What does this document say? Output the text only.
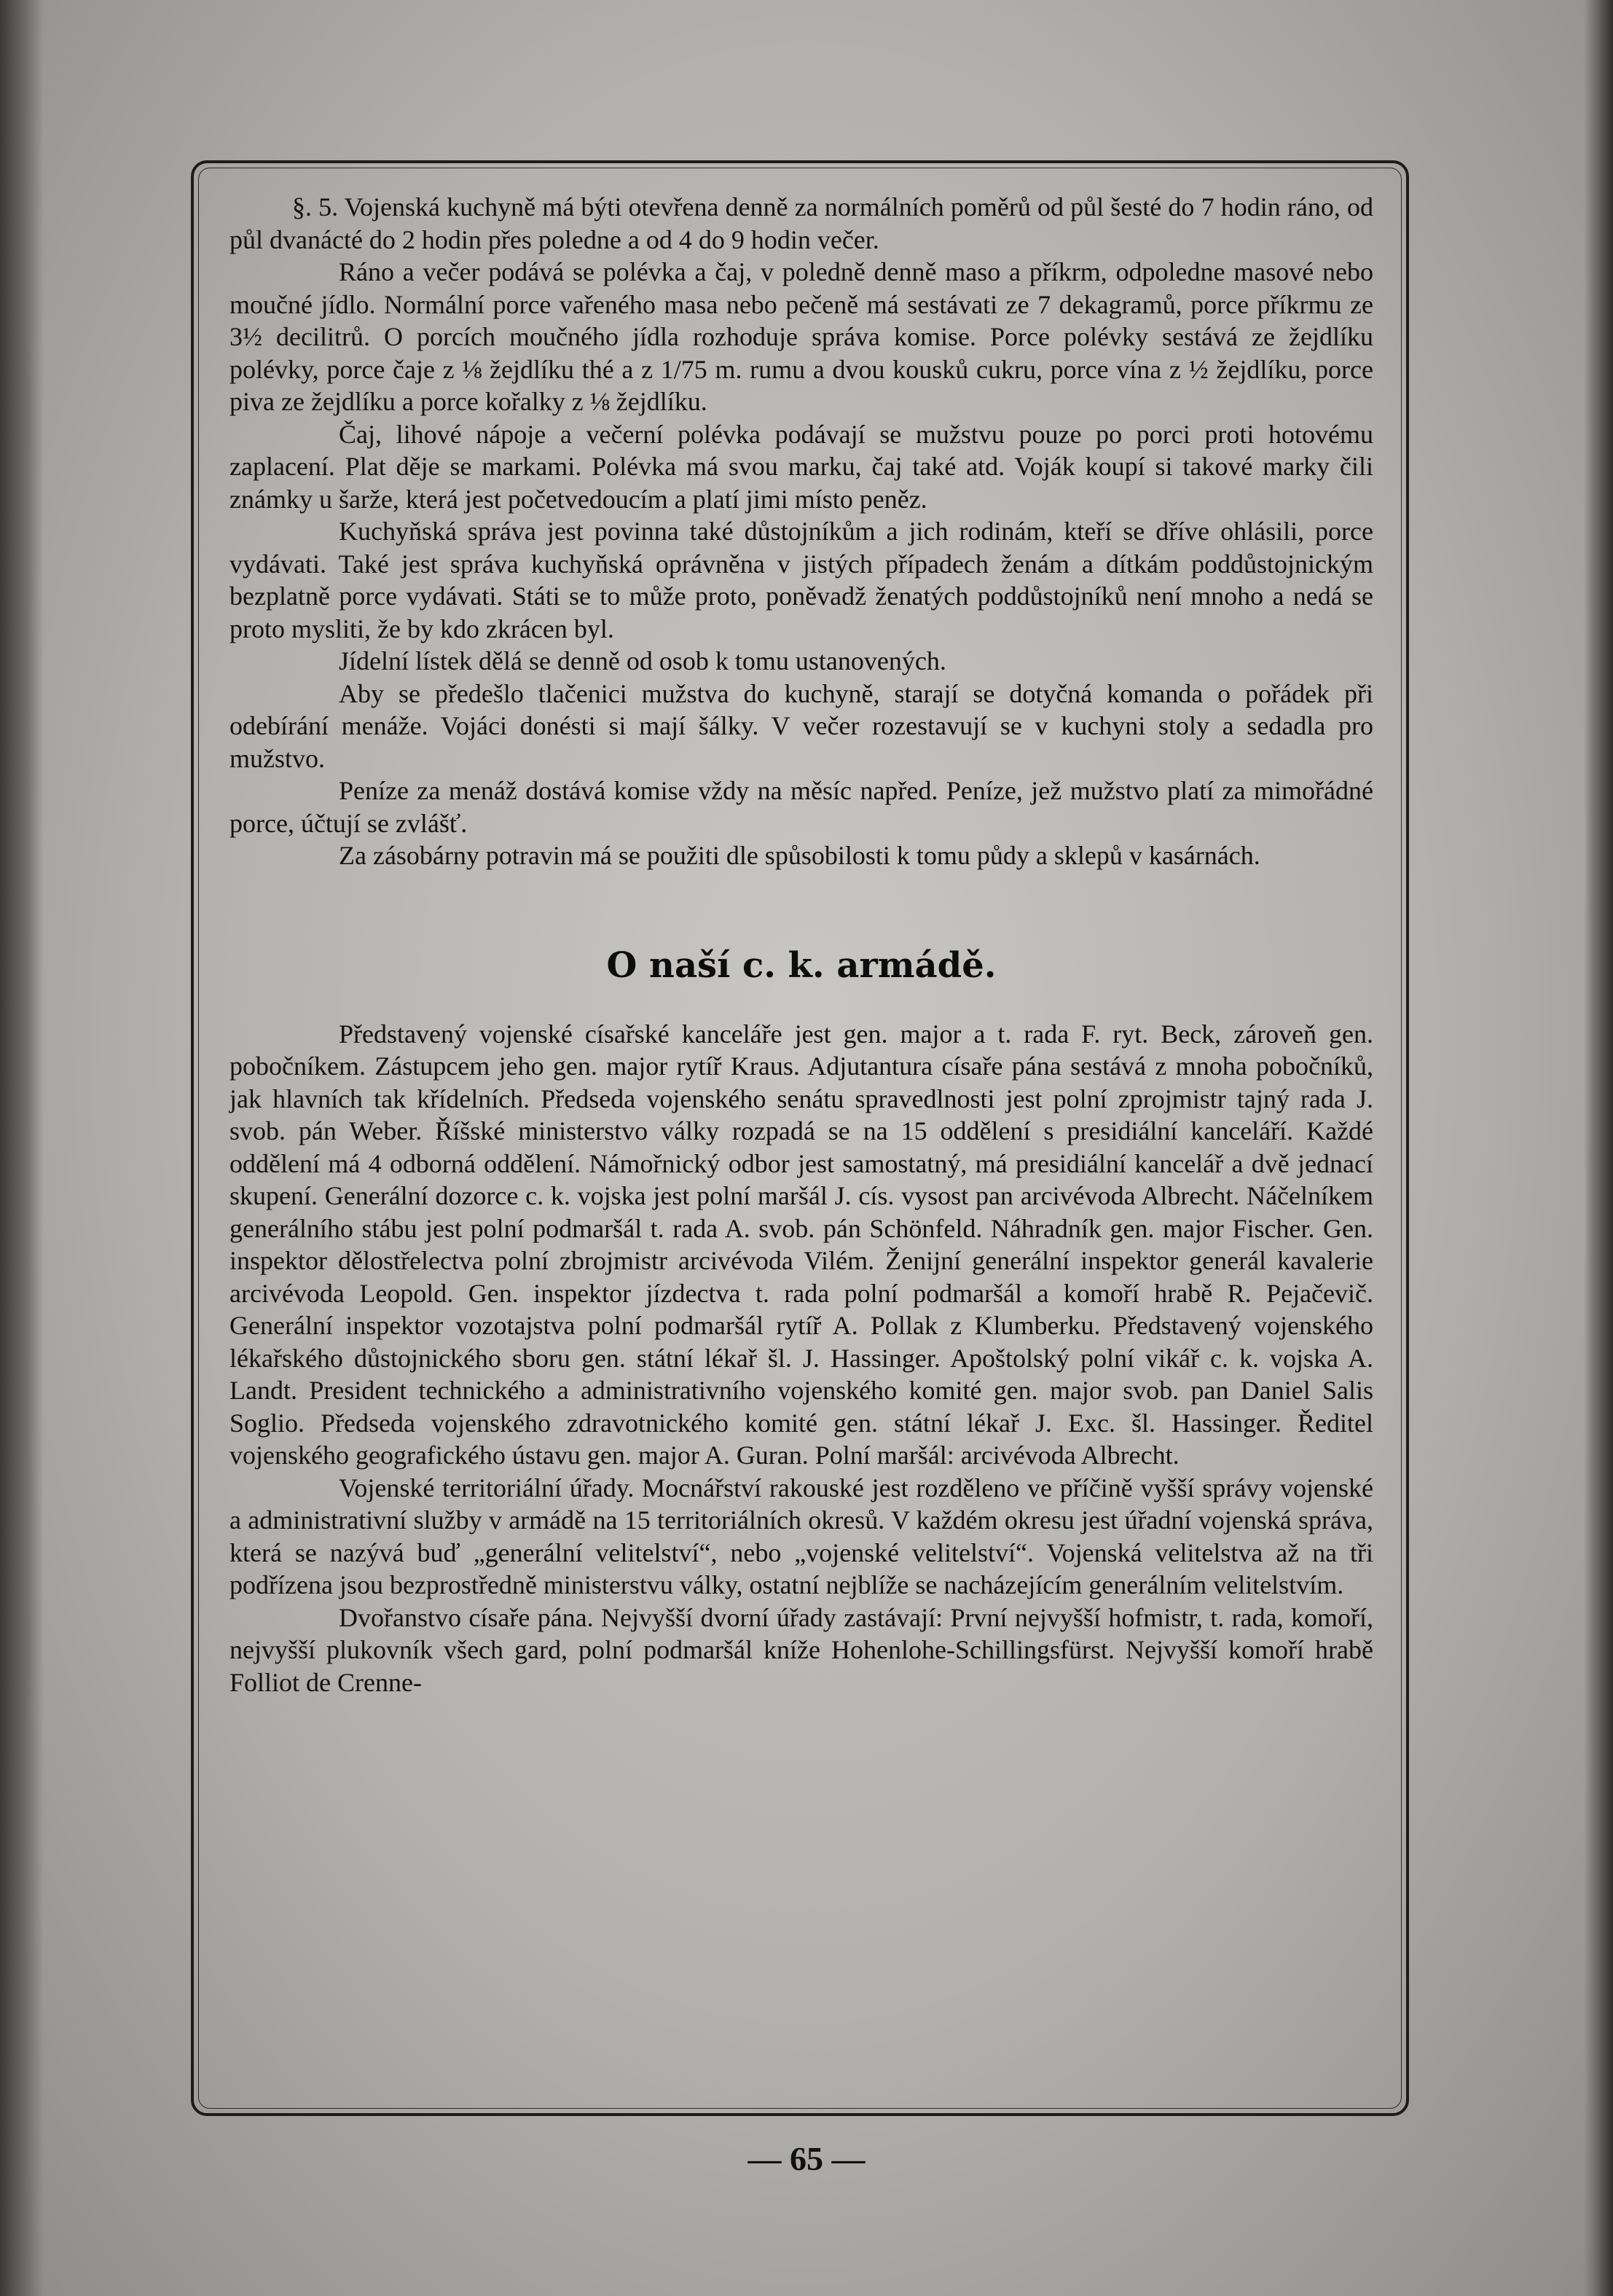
§. 5. Vojenská kuchyně má býti otevřena denně za normálních poměrů od půl šesté do 7 hodin ráno, od půl dvanácté do 2 hodin přes poledne a od 4 do 9 hodin večer.

Ráno a večer podává se polévka a čaj, v poledně denně maso a příkrm, odpoledne masové nebo moučné jídlo. Normální porce vařeného masa nebo pečeně má sestávati ze 7 dekagramů, porce příkrmu ze 3½ decilitrů. O porcích moučného jídla rozhoduje správa komise. Porce polévky sestává ze žejdlíku polévky, porce čaje z ⅛ žejdlíku thé a z 1/75 m. rumu a dvou kousků cukru, porce vína z ½ žejdlíku, porce piva ze žejdlíku a porce kořalky z ⅛ žejdlíku.

Čaj, lihové nápoje a večerní polévka podávají se mužstvu pouze po porci proti hotovému zaplacení. Plat děje se markami. Polévka má svou marku, čaj také atd. Voják koupí si takové marky čili známky u šarže, která jest početvedoucím a platí jimi místo peněz.

Kuchyňská správa jest povinna také důstojníkům a jich rodinám, kteří se dříve ohlásili, porce vydávati. Také jest správa kuchyňská oprávněna v jistých případech ženám a dítkám poddůstojnickým bezplatně porce vydávati. Státi se to může proto, poněvadž ženatých poddůstojníků není mnoho a nedá se proto mysliti, že by kdo zkrácen byl.

Jídelní lístek dělá se denně od osob k tomu ustanovených.

Aby se předešlo tlačenici mužstva do kuchyně, starají se dotyčná komanda o pořádek při odebírání menáže. Vojáci donésti si mají šálky. V večer rozestavují se v kuchyni stoly a sedadla pro mužstvo.

Peníze za menáž dostává komise vždy na měsíc napřed. Peníze, jež mužstvo platí za mimořádné porce, účtují se zvlášť.

Za zásobárny potravin má se použiti dle spůsobilosti k tomu půdy a sklepů v kasárnách.

O naší c. k. armádě.

Představený vojenské císařské kanceláře jest gen. major a t. rada F. ryt. Beck, zároveň gen. pobočníkem. Zástupcem jeho gen. major rytíř Kraus. Adjutantura císaře pána sestává z mnoha pobočníků, jak hlavních tak křídelních. Předseda vojenského senátu spravedlnosti jest polní zprojmistr tajný rada J. svob. pán Weber. Říšské ministerstvo války rozpadá se na 15 oddělení s presidiální kanceláří. Každé oddělení má 4 odborná oddělení. Námořnický odbor jest samostatný, má presidiální kancelář a dvě jednací skupení. Generální dozorce c. k. vojska jest polní maršál J. cís. vysost pan arcivévoda Albrecht. Náčelníkem generálního stábu jest polní podmaršál t. rada A. svob. pán Schönfeld. Náhradník gen. major Fischer. Gen. inspektor dělostřelectva polní zbrojmistr arcivévoda Vilém. Ženijní generální inspektor generál kavalerie arcivévoda Leopold. Gen. inspektor jízdectva t. rada polní podmaršál a komoří hrabě R. Pejačevič. Generální inspektor vozotajstva polní podmaršál rytíř A. Pollak z Klumberku. Představený vojenského lékařského důstojnického sboru gen. státní lékař šl. J. Hassinger. Apoštolský polní vikář c. k. vojska A. Landt. President technického a administrativního vojenského komité gen. major svob. pan Daniel Salis Soglio. Předseda vojenského zdravotnického komité gen. státní lékař J. Exc. šl. Hassinger. Ředitel vojenského geografického ústavu gen. major A. Guran. Polní maršál: arcivévoda Albrecht.

Vojenské territoriální úřady. Mocnářství rakouské jest rozděleno ve příčině vyšší správy vojenské a administrativní služby v armádě na 15 territoriálních okresů. V každém okresu jest úřadní vojenská správa, která se nazývá buď „generální velitelství“, nebo „vojenské velitelství“. Vojenská velitelstva až na tři podřízena jsou bezprostředně ministerstvu války, ostatní nejblíže se nacházejícím generálním velitelstvím.

Dvořanstvo císaře pána. Nejvyšší dvorní úřady zastávají: První nejvyšší hofmistr, t. rada, komoří, nejvyšší plukovník všech gard, polní podmaršál kníže Hohenlohe-Schillingsfürst. Nejvyšší komoří hrabě Folliot de Crenne-

— 65 —
